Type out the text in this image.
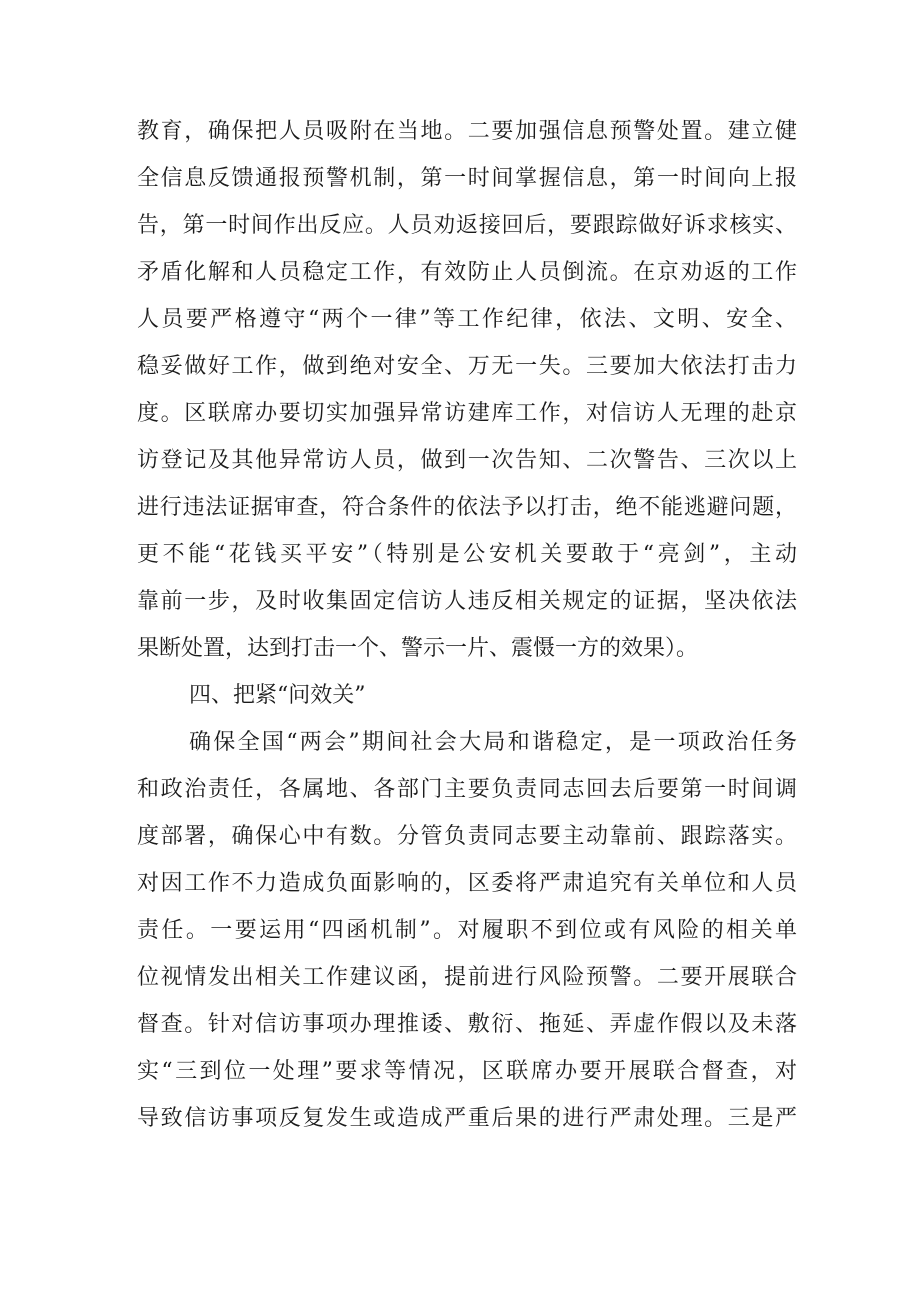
教育，确保把人员吸附在当地。二要加强信息预警处置。建立健
全信息反馈通报预警机制，第一时间掌握信息，第一时间向上报
告，第一时间作出反应。人员劝返接回后，要跟踪做好诉求核实、
矛盾化解和人员稳定工作，有效防止人员倒流。在京劝返的工作
人员要严格遵守“两个一律”等工作纪律，依法、文明、安全、
稳妥做好工作，做到绝对安全、万无一失。三要加大依法打击力
度。区联席办要切实加强异常访建库工作，对信访人无理的赴京
访登记及其他异常访人员，做到一次告知、二次警告、三次以上
进行违法证据审查，符合条件的依法予以打击，绝不能逃避问题，
更不能“花钱买平安”（特别是公安机关要敢于“亮剑”，主动
靠前一步，及时收集固定信访人违反相关规定的证据，坚决依法
果断处置，达到打击一个、警示一片、震慑一方的效果）。
四、把紧“问效关”
确保全国“两会”期间社会大局和谐稳定，是一项政治任务
和政治责任，各属地、各部门主要负责同志回去后要第一时间调
度部署，确保心中有数。分管负责同志要主动靠前、跟踪落实。
对因工作不力造成负面影响的，区委将严肃追究有关单位和人员
责任。一要运用“四函机制”。对履职不到位或有风险的相关单
位视情发出相关工作建议函，提前进行风险预警。二要开展联合
督查。针对信访事项办理推诿、敷衍、拖延、弄虚作假以及未落
实“三到位一处理”要求等情况，区联席办要开展联合督查，对
导致信访事项反复发生或造成严重后果的进行严肃处理。三是严
